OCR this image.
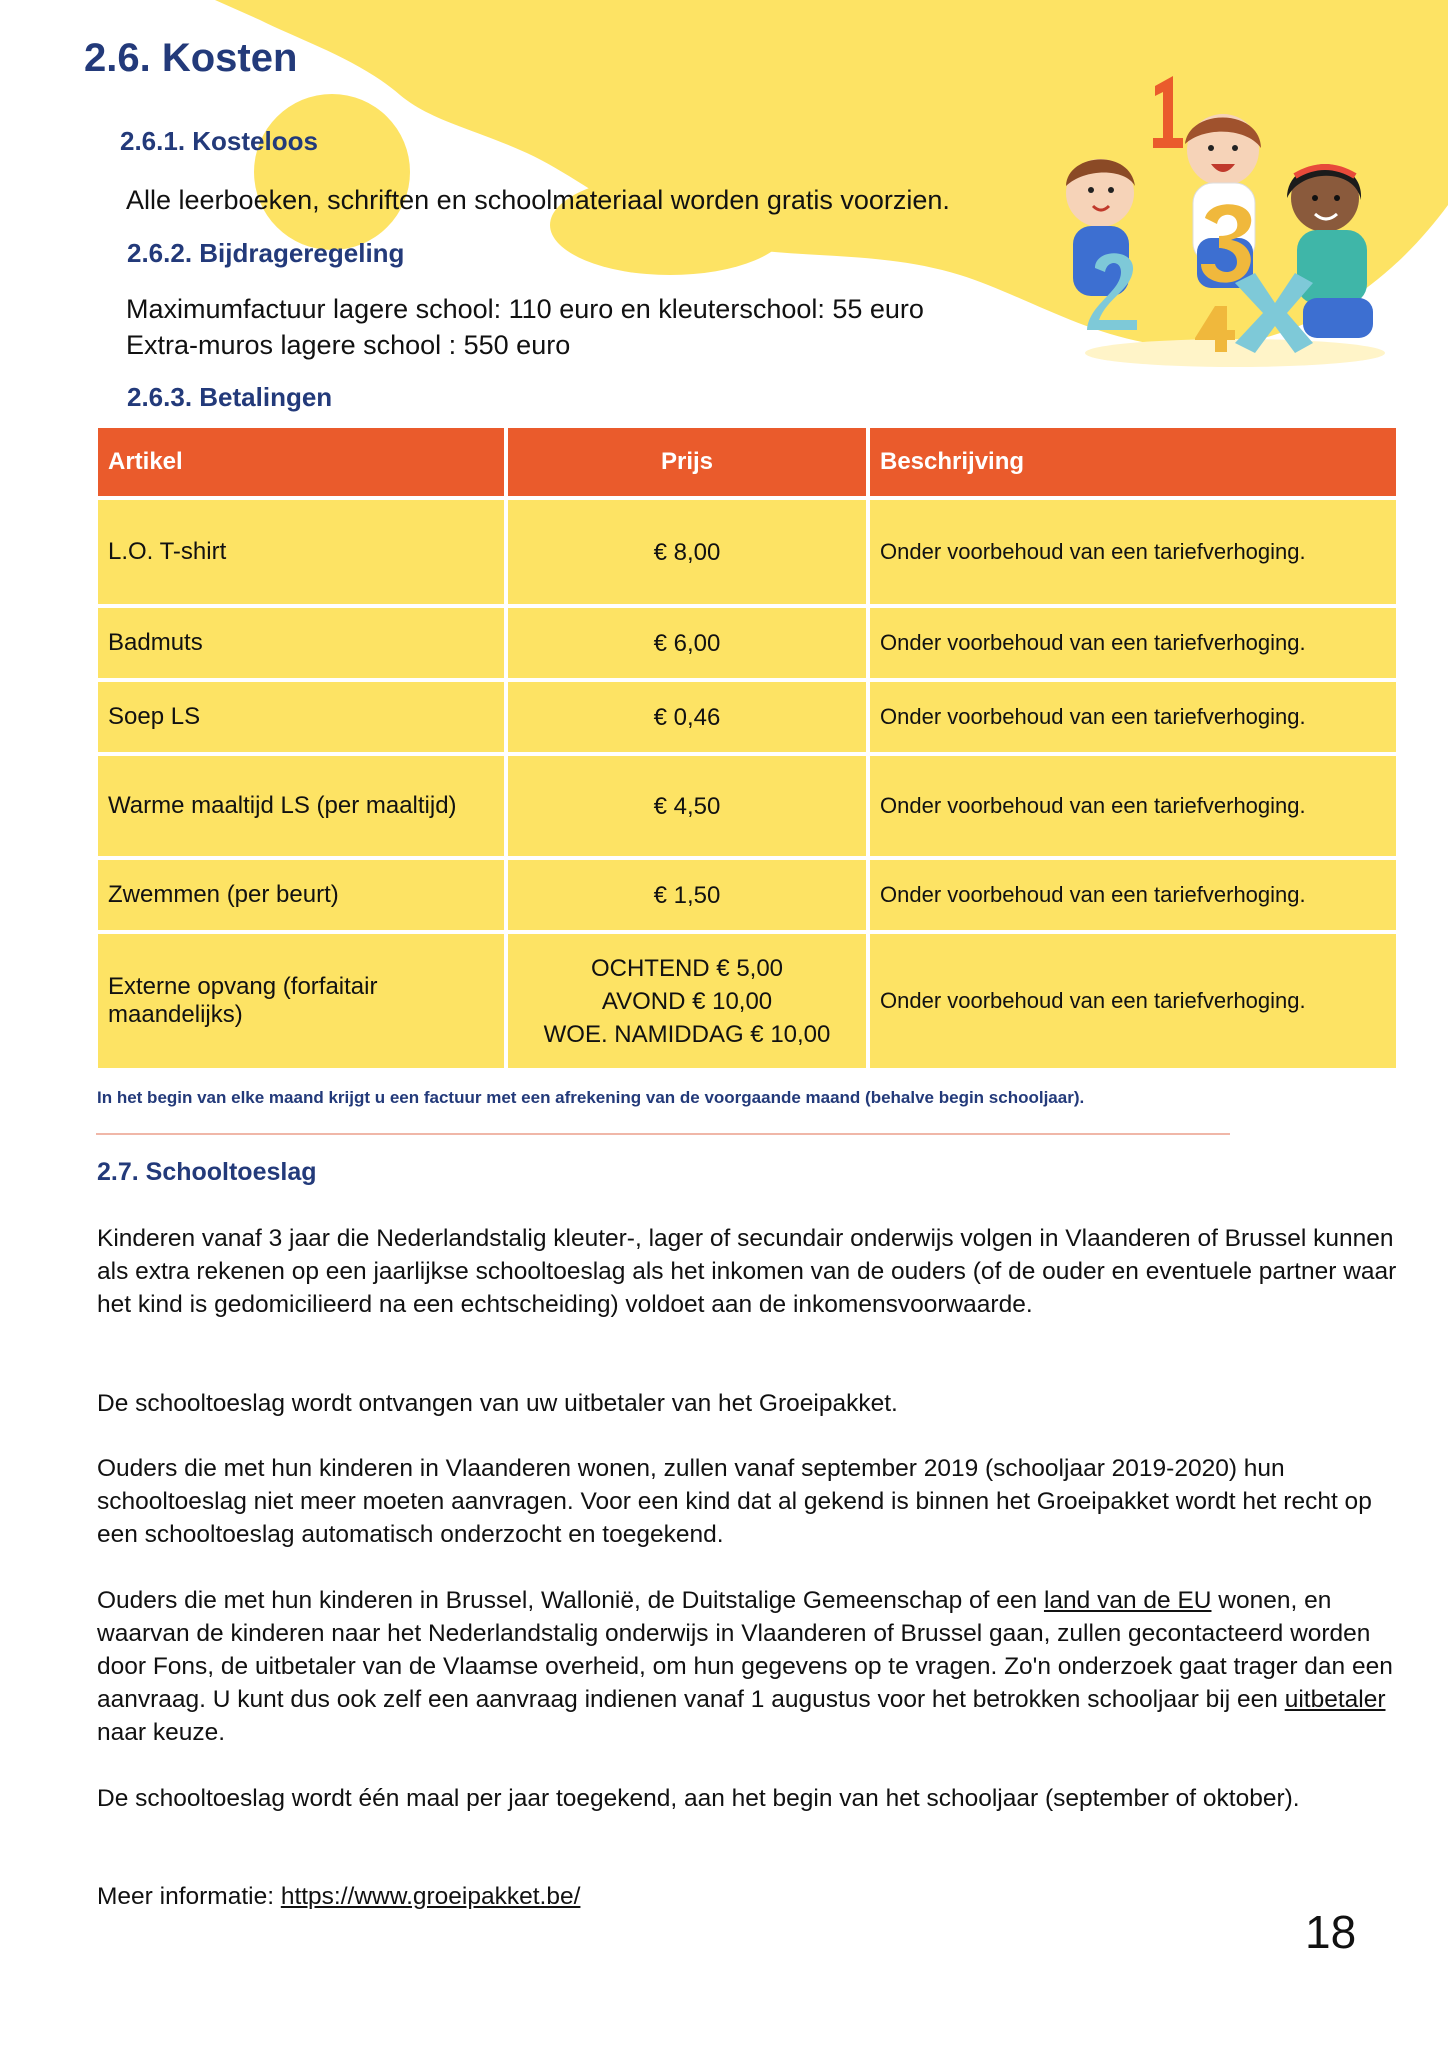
2.6. Kosten
2.6.1. Kosteloos

Alle leerboeken, schriften en schoolmateriaal worden gratis voorzien.

2.6.2. Bijdrageregeling

Maximumfactuur lagere school: 110 euro en kleuterschool: 55 euro

Extra-muros lagere school : 550 euro

2.6.3. Betalingen
Artikel	Prijs	Beschrijving
L.O. T-shirt	€ 8,00	Onder voorbehoud van een tariefverhoging.
Badmuts	€ 6,00	Onder voorbehoud van een tariefverhoging.
Soep LS	€ 0,46	Onder voorbehoud van een tariefverhoging.
Warme maaltijd LS (per maaltijd)	€ 4,50	Onder voorbehoud van een tariefverhoging.
Zwemmen (per beurt)	€ 1,50	Onder voorbehoud van een tariefverhoging.
Externe opvang (forfaitair maandelijks)	OCHTEND € 5,00
AVOND € 10,00
WOE. NAMIDDAG € 10,00	Onder voorbehoud van een tariefverhoging.

In het begin van elke maand krijgt u een factuur met een afrekening van de voorgaande maand (behalve begin schooljaar).

2.7. Schooltoeslag

Kinderen vanaf 3 jaar die Nederlandstalig kleuter-, lager of secundair onderwijs volgen in Vlaanderen of Brussel kunnen als extra rekenen op een jaarlijkse schooltoeslag als het inkomen van de ouders (of de ouder en eventuele partner waar het kind is gedomicilieerd na een echtscheiding) voldoet aan de inkomensvoorwaarde.

De schooltoeslag wordt ontvangen van uw uitbetaler van het Groeipakket.

Ouders die met hun kinderen in Vlaanderen wonen, zullen vanaf september 2019 (schooljaar 2019-2020) hun schooltoeslag niet meer moeten aanvragen. Voor een kind dat al gekend is binnen het Groeipakket wordt het recht op een schooltoeslag automatisch onderzocht en toegekend.

Ouders die met hun kinderen in Brussel, Wallonië, de Duitstalige Gemeenschap of een land van de EU wonen, en waarvan de kinderen naar het Nederlandstalig onderwijs in Vlaanderen of Brussel gaan, zullen gecontacteerd worden door Fons, de uitbetaler van de Vlaamse overheid, om hun gegevens op te vragen. Zo'n onderzoek gaat trager dan een aanvraag. U kunt dus ook zelf een aanvraag indienen vanaf 1 augustus voor het betrokken schooljaar bij een uitbetaler naar keuze.

De schooltoeslag wordt één maal per jaar toegekend, aan het begin van het schooljaar (september of oktober).

Meer informatie: https://www.groeipakket.be/

18
